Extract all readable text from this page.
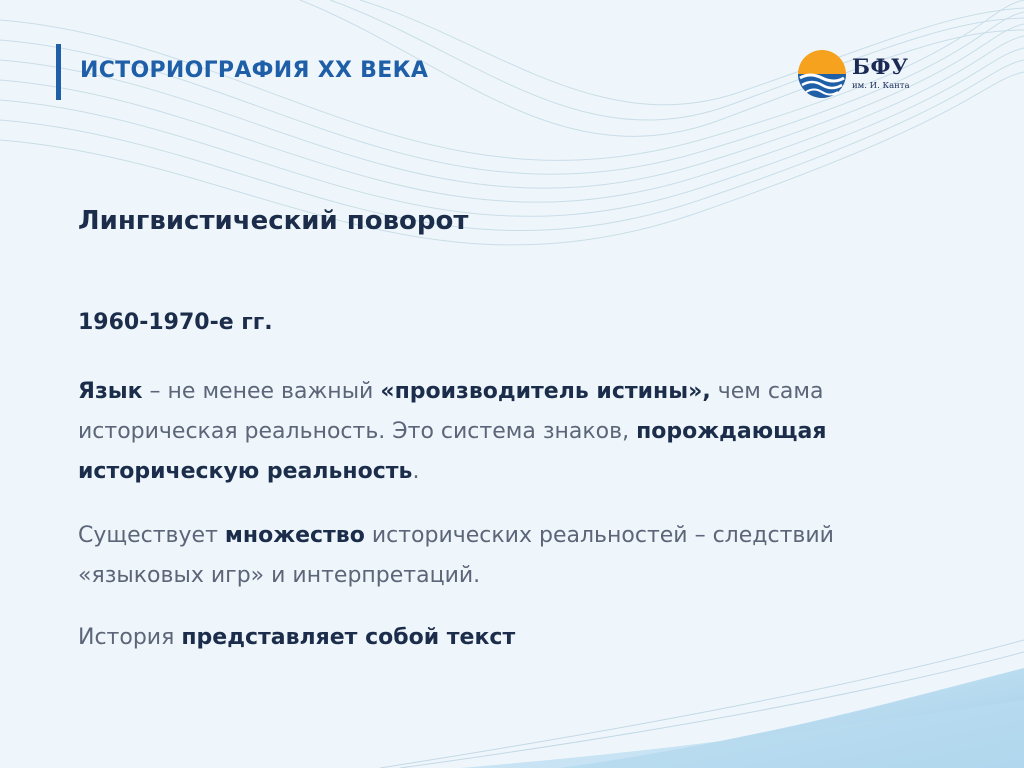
ИСТОРИОГРАФИЯ XX ВЕКА	БФУ
им. И. Канта
Лингвистический поворот
1960-1970-е гг.
Язык – не менее важный «производитель истины», чем сама историческая реальность. Это система знаков, порождающая историческую реальность.
Существует множество исторических реальностей – следствий «языковых игр» и интерпретаций.
История представляет собой текст
